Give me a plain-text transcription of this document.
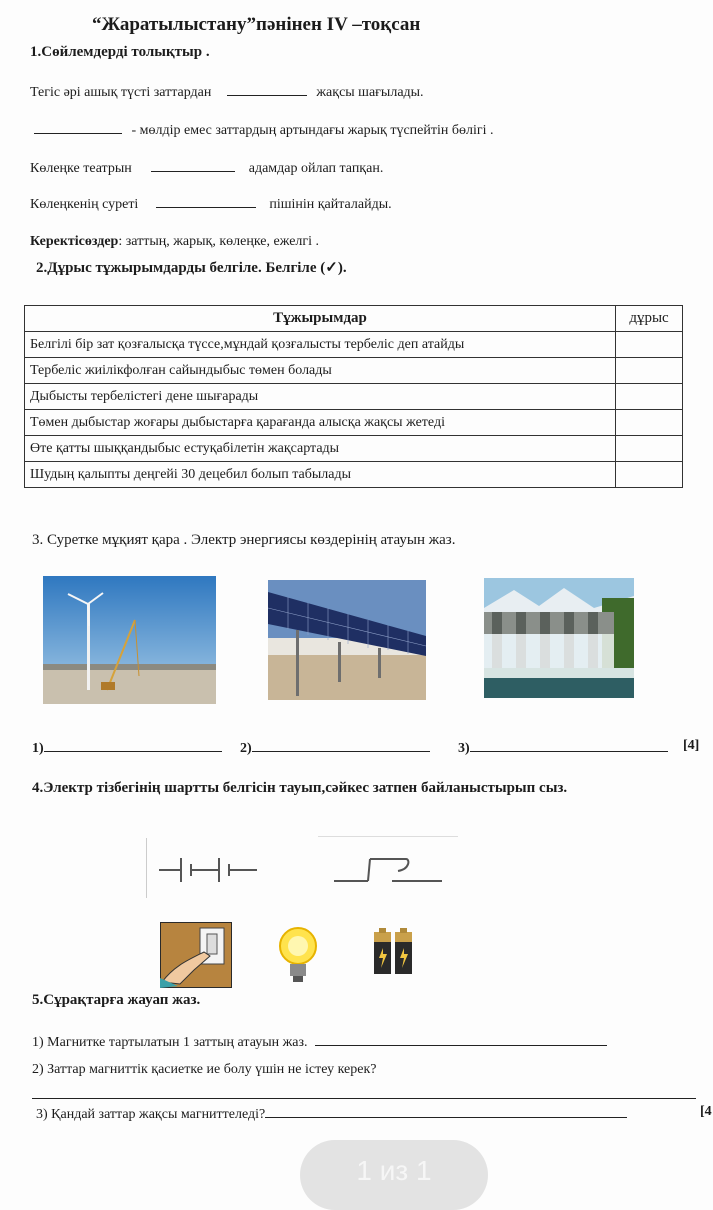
“Жаратылыстану”пәнінен IV –тоқсан
1.Сөйлемдерді толықтыр .
Тегіс әрі ашық түсті заттардан	жақсы шағылады.
- мөлдір емес заттардың артындағы жарық түспейтін бөлігі .
Көлеңке театрын	адамдар ойлап тапқан.
Көлеңкенің суреті	пішінін қайталайды.
Керектісөздер: заттың, жарық, көлеңке, ежелгі .
2.Дұрыс тұжырымдарды белгіле. Белгіле (✓).
Тұжырымдар	дұрыс
Белгілі бір зат қозғалысқа түссе,мұндай қозғалысты тербеліс деп атайды	
Тербеліс жиілікфолған сайындыбыс төмен болады	
Дыбысты тербелістегі дене шығарады	
Төмен дыбыстар жоғары дыбыстарға қарағанда алысқа жақсы жетеді	
Өте қатты шыққандыбыс естуқабілетін жақсартады	
Шудың қалыпты деңгейі 30 децебил болып табылады	
3. Суретке мұқият қара . Электр энергиясы көздерінің атауын жаз.
1)	2)	3)	[4]
4.Электр тізбегінің шартты белгісін тауып,сәйкес затпен байланыстырып сыз.
5.Сұрақтарға жауап жаз.
1) Магнитке тартылатын 1 заттың атауын жаз.
2) Заттар магниттік қасиетке ие болу үшін не істеу керек?
3) Қандай заттар жақсы магниттеледі?	[4
1 из 1
